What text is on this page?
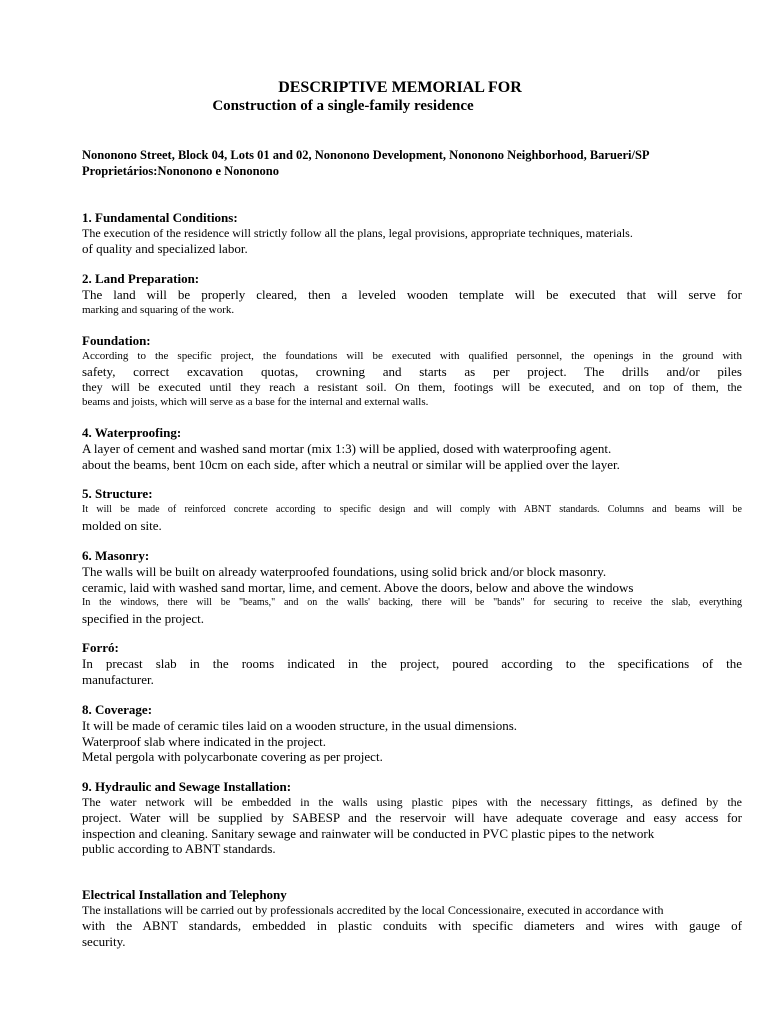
DESCRIPTIVE MEMORIAL FOR
Construction of a single-family residence
Nononono Street, Block 04, Lots 01 and 02, Nononono Development, Nononono Neighborhood, Barueri/SP
Proprietários:Nononono e Nononono
1. Fundamental Conditions:
The execution of the residence will strictly follow all the plans, legal provisions, appropriate techniques, materials.
of quality and specialized labor.
2. Land Preparation:
The land will be properly cleared, then a leveled wooden template will be executed that will serve for
marking and squaring of the work.
Foundation:
According to the specific project, the foundations will be executed with qualified personnel, the openings in the ground with
safety, correct excavation quotas, crowning and starts as per project. The drills and/or piles
they will be executed until they reach a resistant soil. On them, footings will be executed, and on top of them, the
beams and joists, which will serve as a base for the internal and external walls.
4. Waterproofing:
A layer of cement and washed sand mortar (mix 1:3) will be applied, dosed with waterproofing agent.
about the beams, bent 10cm on each side, after which a neutral or similar will be applied over the layer.
5. Structure:
It will be made of reinforced concrete according to specific design and will comply with ABNT standards. Columns and beams will be
molded on site.
6. Masonry:
The walls will be built on already waterproofed foundations, using solid brick and/or block masonry.
ceramic, laid with washed sand mortar, lime, and cement. Above the doors, below and above the windows
In the windows, there will be "beams," and on the walls' backing, there will be "bands" for securing to receive the slab, everything
specified in the project.
Forró:
In precast slab in the rooms indicated in the project, poured according to the specifications of the
manufacturer.
8. Coverage:
It will be made of ceramic tiles laid on a wooden structure, in the usual dimensions.
Waterproof slab where indicated in the project.
Metal pergola with polycarbonate covering as per project.
9. Hydraulic and Sewage Installation:
The water network will be embedded in the walls using plastic pipes with the necessary fittings, as defined by the
project. Water will be supplied by SABESP and the reservoir will have adequate coverage and easy access for
inspection and cleaning. Sanitary sewage and rainwater will be conducted in PVC plastic pipes to the network
public according to ABNT standards.
Electrical Installation and Telephony
The installations will be carried out by professionals accredited by the local Concessionaire, executed in accordance with
with the ABNT standards, embedded in plastic conduits with specific diameters and wires with gauge of
security.
